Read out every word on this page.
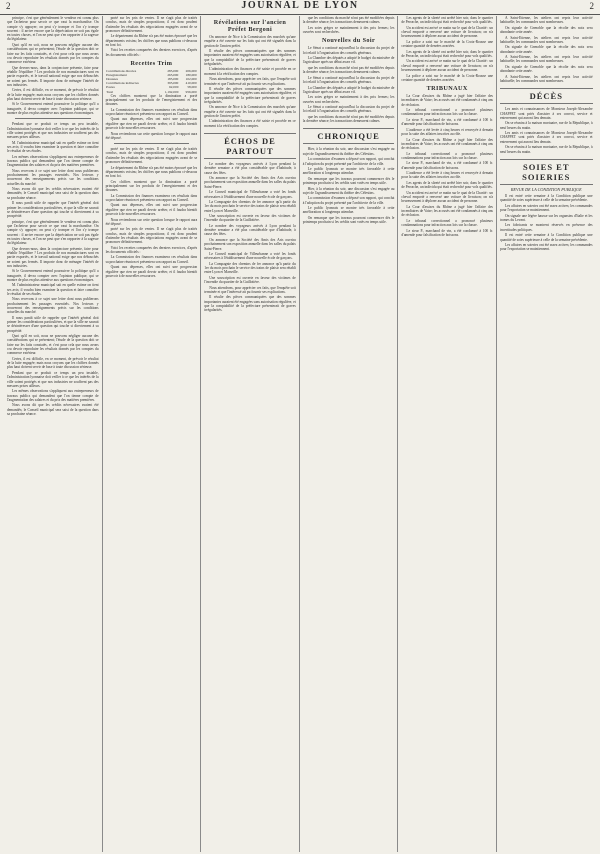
2	JOURNAL DE LYON	2

principe, c'est que généralement le vendeur est connu plus que l'acheteur pour savoir ce que vaut la marchandise. On compte s'y appuyer; on peut s'y tromper et l'on s'y trompe souvent : il arrive encore que la dépréciation ne soit pas égale en toutes choses, et l'on ne peut que s'en rapporter à la sagesse du législateur.

Quoi qu'il en soit, nous ne pouvons négliger aucune des considérations qui se présentent; l'étude de la question doit se faire sur les faits constatés, et c'est pour cela que nous avons cru devoir reproduire les résultats donnés par les comptes du commerce extérieur.

Que devons-nous, dans la conjoncture présente, faire pour rétablir l'équilibre ? Les produits de nos manufactures sont en partie exportés, et le travail national exige que nos débouchés ne soient pas fermés. Il importe donc de ménager l'intérêt de nos industries.

Certes, il est difficile, en ce moment, de prévoir le résultat de la lutte engagée; mais nous croyons que les chiffres donnés plus haut doivent servir de base à toute discussion sérieuse.

Si le Gouvernement entend poursuivre la politique qu'il a inaugurée, il devra compter avec l'opinion publique, qui se montre de plus en plus attentive aux questions économiques.

Pendant que se produit ce temps un peu instable, l'administration lyonnaise doit veiller à ce que les intérêts de la ville soient protégés et que nos industries ne souffrent pas des mesures prises ailleurs.

M. l'administrateur municipal sait en quelle estime on tient ses avis; il voudra bien examiner la question et faire connaître le résultat de ses études.

Les mêmes observations s'appliquent aux entrepreneurs de travaux publics qui demandent que l'on tienne compte de l'augmentation des salaires et du prix des matières premières.

Nous recevons à ce sujet une lettre dont nous publierons prochainement les passages essentiels. Nos lecteurs y trouveront des renseignements précis sur les conditions actuelles du marché.

Nous avons dit que les crédits nécessaires avaient été demandés; le Conseil municipal sera saisi de la question dans sa prochaine séance.

Il nous paraît utile de rappeler que l'intérêt général doit primer les considérations particulières, et que la ville ne saurait se désintéresser d'une question qui touche si directement à sa prospérité.

principe, c'est que généralement le vendeur est connu plus que l'acheteur pour savoir ce que vaut la marchandise. On compte s'y appuyer; on peut s'y tromper et l'on s'y trompe souvent : il arrive encore que la dépréciation ne soit pas égale en toutes choses, et l'on ne peut que s'en rapporter à la sagesse du législateur.

Que devons-nous, dans la conjoncture présente, faire pour rétablir l'équilibre ? Les produits de nos manufactures sont en partie exportés, et le travail national exige que nos débouchés ne soient pas fermés. Il importe donc de ménager l'intérêt de nos industries.

Si le Gouvernement entend poursuivre la politique qu'il a inaugurée, il devra compter avec l'opinion publique, qui se montre de plus en plus attentive aux questions économiques.

M. l'administrateur municipal sait en quelle estime on tient ses avis; il voudra bien examiner la question et faire connaître le résultat de ses études.

Nous recevons à ce sujet une lettre dont nous publierons prochainement les passages essentiels. Nos lecteurs y trouveront des renseignements précis sur les conditions actuelles du marché.

Il nous paraît utile de rappeler que l'intérêt général doit primer les considérations particulières, et que la ville ne saurait se désintéresser d'une question qui touche si directement à sa prospérité.

Quoi qu'il en soit, nous ne pouvons négliger aucune des considérations qui se présentent; l'étude de la question doit se faire sur les faits constatés, et c'est pour cela que nous avons cru devoir reproduire les résultats donnés par les comptes du commerce extérieur.

Certes, il est difficile, en ce moment, de prévoir le résultat de la lutte engagée; mais nous croyons que les chiffres donnés plus haut doivent servir de base à toute discussion sérieuse.

Pendant que se produit ce temps un peu instable, l'administration lyonnaise doit veiller à ce que les intérêts de la ville soient protégés et que nos industries ne souffrent pas des mesures prises ailleurs.

Les mêmes observations s'appliquent aux entrepreneurs de travaux publics qui demandent que l'on tienne compte de l'augmentation des salaires et du prix des matières premières.

Nous avons dit que les crédits nécessaires avaient été demandés; le Conseil municipal sera saisi de la question dans sa prochaine séance.

porté sur les prix de ventes. Il ne s'agit plus de traités conclus, mais de simples propositions; il est donc prudent d'attendre les résultats des négociations engagées avant de se prononcer définitivement.

Le département du Rhône n'a pas été moins éprouvé que les départements voisins; les chiffres que nous publions ci-dessous en font foi.

Voici les recettes comparées des derniers exercices, d'après les documents officiels :

Recettes Trim
Contributions directes	285,000	206,000
Enregistrement	265,000	180,000
Douanes	185,000	102,000
Contributions indirectes	395,000	410,000
Postes	62,000	58,000
Total	1,192,000	956,000

Ces chiffres montrent que la diminution a porté principalement sur les produits de l'enregistrement et des douanes.

La Commission des finances examinera ces résultats dans sa prochaine réunion et présentera son rapport au Conseil.

Quant aux dépenses, elles ont suivi une progression régulière que rien ne paraît devoir arrêter, et il faudra bientôt pourvoir à de nouvelles ressources.

Nous reviendrons sur cette question lorsque le rapport aura été déposé.

porté sur les prix de ventes. Il ne s'agit plus de traités conclus, mais de simples propositions; il est donc prudent d'attendre les résultats des négociations engagées avant de se prononcer définitivement.

Le département du Rhône n'a pas été moins éprouvé que les départements voisins; les chiffres que nous publions ci-dessous en font foi.

Ces chiffres montrent que la diminution a porté principalement sur les produits de l'enregistrement et des douanes.

La Commission des finances examinera ces résultats dans sa prochaine réunion et présentera son rapport au Conseil.

Quant aux dépenses, elles ont suivi une progression régulière que rien ne paraît devoir arrêter, et il faudra bientôt pourvoir à de nouvelles ressources.

Nous reviendrons sur cette question lorsque le rapport aura été déposé.

porté sur les prix de ventes. Il ne s'agit plus de traités conclus, mais de simples propositions; il est donc prudent d'attendre les résultats des négociations engagées avant de se prononcer définitivement.

Voici les recettes comparées des derniers exercices, d'après les documents officiels :

La Commission des finances examinera ces résultats dans sa prochaine réunion et présentera son rapport au Conseil.

Quant aux dépenses, elles ont suivi une progression régulière que rien ne paraît devoir arrêter, et il faudra bientôt pourvoir à de nouvelles ressources.

Révélations sur l'ancien Préfet Bergoni

On annonce de Nice à la Commission des marchés qu'une enquête a été ouverte sur les faits qui ont été signalés dans la gestion de l'ancien préfet.

Il résulte des pièces communiquées que des sommes importantes auraient été engagées sans autorisation régulière, et que la comptabilité de la préfecture présenterait de graves irrégularités.

L'administration des finances a été saisie et procède en ce moment à la vérification des comptes.

Nous attendrons, pour apprécier ces faits, que l'enquête soit terminée et que l'intéressé ait pu fournir ses explications.

Il résulte des pièces communiquées que des sommes importantes auraient été engagées sans autorisation régulière, et que la comptabilité de la préfecture présenterait de graves irrégularités.

On annonce de Nice à la Commission des marchés qu'une enquête a été ouverte sur les faits qui ont été signalés dans la gestion de l'ancien préfet.

L'administration des finances a été saisie et procède en ce moment à la vérification des comptes.

ÉCHOS DE PARTOUT

Le nombre des voyageurs arrivés à Lyon pendant la dernière semaine a été plus considérable que d'habitude, à cause des fêtes.

On annonce que la Société des Amis des Arts ouvrira prochainement son exposition annuelle dans les salles du palais Saint-Pierre.

Le Conseil municipal de Villeurbanne a voté les fonds nécessaires à l'établissement d'une nouvelle école de garçons.

La Compagnie des chemins de fer annonce qu'à partir du 1er du mois prochain le service des trains de plaisir sera rétabli entre Lyon et Marseille.

Une souscription est ouverte en faveur des victimes de l'incendie du quartier de la Guillotière.

Le nombre des voyageurs arrivés à Lyon pendant la dernière semaine a été plus considérable que d'habitude, à cause des fêtes.

On annonce que la Société des Amis des Arts ouvrira prochainement son exposition annuelle dans les salles du palais Saint-Pierre.

Le Conseil municipal de Villeurbanne a voté les fonds nécessaires à l'établissement d'une nouvelle école de garçons.

La Compagnie des chemins de fer annonce qu'à partir du 1er du mois prochain le service des trains de plaisir sera rétabli entre Lyon et Marseille.

Une souscription est ouverte en faveur des victimes de l'incendie du quartier de la Guillotière.

Nous attendrons, pour apprécier ces faits, que l'enquête soit terminée et que l'intéressé ait pu fournir ses explications.

Il résulte des pièces communiquées que des sommes importantes auraient été engagées sans autorisation régulière, et que la comptabilité de la préfecture présenterait de graves irrégularités.

que les conditions du marché n'ont pas été modifiées depuis la dernière séance; les transactions demeurent calmes.

Les soies grèges se maintiennent à des prix fermes; les ouvrées sont recherchées.

Nouvelles du Soir

Le Sénat a continué aujourd'hui la discussion du projet de loi relatif à l'organisation des conseils généraux.

La Chambre des députés a adopté le budget du ministère de l'agriculture après un débat assez vif.

que les conditions du marché n'ont pas été modifiées depuis la dernière séance; les transactions demeurent calmes.

Le Sénat a continué aujourd'hui la discussion du projet de loi relatif à l'organisation des conseils généraux.

La Chambre des députés a adopté le budget du ministère de l'agriculture après un débat assez vif.

Les soies grèges se maintiennent à des prix fermes; les ouvrées sont recherchées.

Le Sénat a continué aujourd'hui la discussion du projet de loi relatif à l'organisation des conseils généraux.

que les conditions du marché n'ont pas été modifiées depuis la dernière séance; les transactions demeurent calmes.

CHRONIQUE

Hier, à la réunion du soir, une discussion s'est engagée au sujet de l'agrandissement du théâtre des Célestins.

La commission d'examen a déposé son rapport, qui conclut à l'adoption du projet présenté par l'architecte de la ville.

Le public lyonnais se montre très favorable à cette amélioration si longtemps attendue.

On remarque que les travaux pourront commencer dès le printemps prochain si les crédits sont votés en temps utile.

Hier, à la réunion du soir, une discussion s'est engagée au sujet de l'agrandissement du théâtre des Célestins.

La commission d'examen a déposé son rapport, qui conclut à l'adoption du projet présenté par l'architecte de la ville.

Le public lyonnais se montre très favorable à cette amélioration si longtemps attendue.

On remarque que les travaux pourront commencer dès le printemps prochain si les crédits sont votés en temps utile.

Les agents de la sûreté ont arrêté hier soir, dans le quartier de Perrache, un individu qui était recherché pour vols qualifiés.

Un accident est arrivé ce matin sur le quai de la Charité : un cheval emporté a renversé une voiture de livraison; on n'a heureusement à déplorer aucun accident de personne.

La police a saisi sur le marché de la Croix-Rousse une certaine quantité de denrées avariées.

Les agents de la sûreté ont arrêté hier soir, dans le quartier de Perrache, un individu qui était recherché pour vols qualifiés.

Un accident est arrivé ce matin sur le quai de la Charité : un cheval emporté a renversé une voiture de livraison; on n'a heureusement à déplorer aucun accident de personne.

La police a saisi sur le marché de la Croix-Rousse une certaine quantité de denrées avariées.

TRIBUNAUX

La Cour d'assises du Rhône a jugé hier l'affaire des incendiaires de Vaise; les accusés ont été condamnés à cinq ans de réclusion.

Le tribunal correctionnel a prononcé plusieurs condamnations pour infraction aux lois sur la chasse.

Le sieur P., marchand de vin, a été condamné à 100 fr. d'amende pour falsification de boissons.

L'audience a été levée à cinq heures et renvoyée à demain pour la suite des affaires inscrites au rôle.

La Cour d'assises du Rhône a jugé hier l'affaire des incendiaires de Vaise; les accusés ont été condamnés à cinq ans de réclusion.

Le tribunal correctionnel a prononcé plusieurs condamnations pour infraction aux lois sur la chasse.

Le sieur P., marchand de vin, a été condamné à 100 fr. d'amende pour falsification de boissons.

L'audience a été levée à cinq heures et renvoyée à demain pour la suite des affaires inscrites au rôle.

Les agents de la sûreté ont arrêté hier soir, dans le quartier de Perrache, un individu qui était recherché pour vols qualifiés.

Un accident est arrivé ce matin sur le quai de la Charité : un cheval emporté a renversé une voiture de livraison; on n'a heureusement à déplorer aucun accident de personne.

La Cour d'assises du Rhône a jugé hier l'affaire des incendiaires de Vaise; les accusés ont été condamnés à cinq ans de réclusion.

Le tribunal correctionnel a prononcé plusieurs condamnations pour infraction aux lois sur la chasse.

Le sieur P., marchand de vin, a été condamné à 100 fr. d'amende pour falsification de boissons.

A Saint-Etienne, les ateliers ont repris leur activité habituelle; les commandes sont nombreuses.

On signale de Grenoble que la récolte des noix sera abondante cette année.

A Saint-Etienne, les ateliers ont repris leur activité habituelle; les commandes sont nombreuses.

On signale de Grenoble que la récolte des noix sera abondante cette année.

A Saint-Etienne, les ateliers ont repris leur activité habituelle; les commandes sont nombreuses.

On signale de Grenoble que la récolte des noix sera abondante cette année.

A Saint-Etienne, les ateliers ont repris leur activité habituelle; les commandes sont nombreuses.

DÉCÈS

Les amis et connaissances de Monsieur Joseph-Alexandre CHAPPET sont priés d'assister à ses convoi, service et enterrement qui auront lieu demain.

On se réunira à la maison mortuaire, rue de la République, à neuf heures du matin.

Les amis et connaissances de Monsieur Joseph-Alexandre CHAPPET sont priés d'assister à ses convoi, service et enterrement qui auront lieu demain.

On se réunira à la maison mortuaire, rue de la République, à neuf heures du matin.

SOIES ET SOIERIES
REVUE DE LA CONDITION PUBLIQUE

Il est entré cette semaine à la Condition publique une quantité de soies supérieure à celle de la semaine précédente.

Les affaires en soieries ont été assez actives; les commandes pour l'exportation se maintiennent.

On signale une légère hausse sur les organsins d'Italie et les trames du Levant.

Les fabricants se montrent réservés en présence des incertitudes politiques.

Il est entré cette semaine à la Condition publique une quantité de soies supérieure à celle de la semaine précédente.

Les affaires en soieries ont été assez actives; les commandes pour l'exportation se maintiennent.
